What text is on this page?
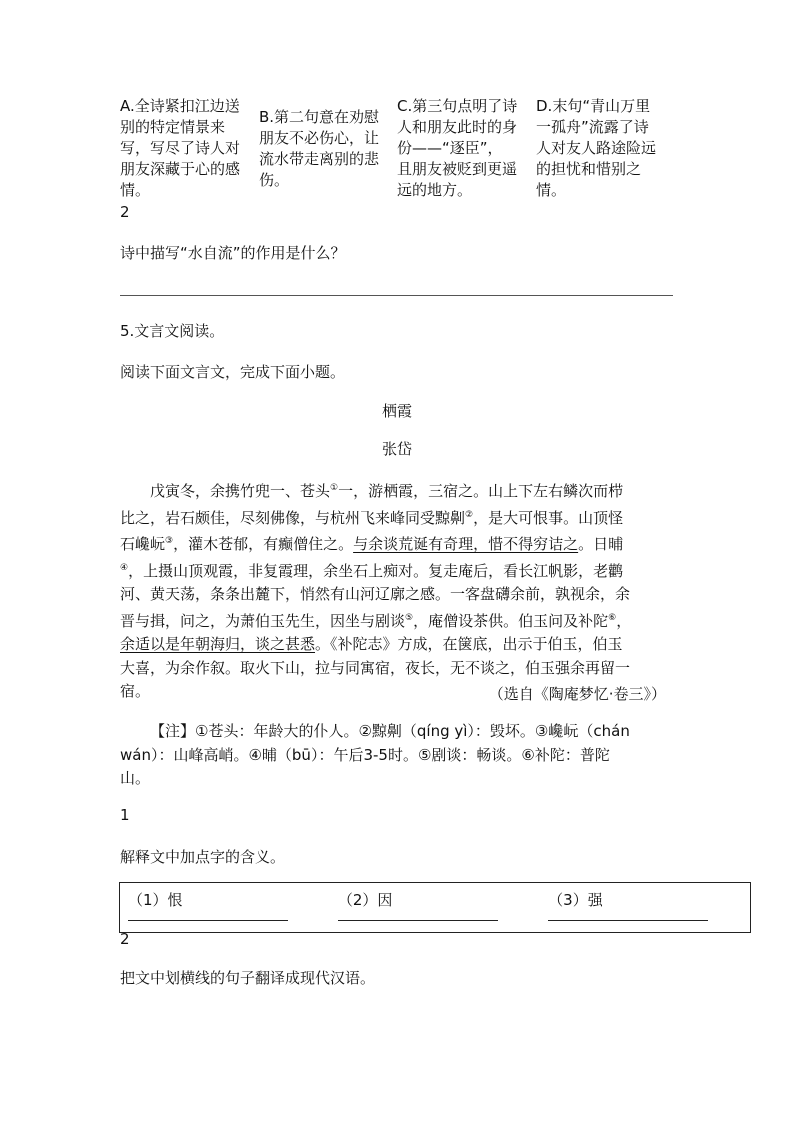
A.全诗紧扣江边送
别的特定情景来
写，写尽了诗人对
朋友深藏于心的感
情。
B.第二句意在劝慰
朋友不必伤心，让
流水带走离别的悲
伤。
C.第三句点明了诗
人和朋友此时的身
份——“逐臣”，
且朋友被贬到更遥
远的地方。
D.末句“青山万里
一孤舟”流露了诗
人对友人路途险远
的担忧和惜别之
情。
2
诗中描写“水自流”的作用是什么？
5.文言文阅读。
阅读下面文言文，完成下面小题。
栖霞
张岱
戊寅冬，余携竹兜一、苍头①一，游栖霞，三宿之。山上下左右鳞次而栉
比之，岩石颇佳，尽刻佛像，与杭州飞来峰同受黥劓②，是大可恨事。山顶怪
石巉岏③，灌木苍郁，有癫僧住之。与余谈荒诞有奇理，惜不得穷诘之。日晡
④，上摄山顶观霞，非复霞理，余坐石上痴对。复走庵后，看长江帆影，老鹳
河、黄天荡，条条出麓下，悄然有山河辽廓之感。一客盘礴余前，孰视余，余
晋与揖，问之，为萧伯玉先生，因坐与剧谈⑤，庵僧设茶供。伯玉问及补陀⑥，
余适以是年朝海归，谈之甚悉。《补陀志》方成，在箧底，出示于伯玉，伯玉
大喜，为余作叙。取火下山，拉与同寓宿，夜长，无不谈之，伯玉强余再留一
宿。	（选自《陶庵梦忆·卷三》）
【注】①苍头：年龄大的仆人。②黥劓（qíng yì）：毁坏。③巉岏（chán
wán）：山峰高峭。④晡（bū）：午后3-5时。⑤剧谈：畅谈。⑥补陀：普陀
山。
1
解释文中加点字的含义。
（1）恨	（2）因	（3）强
2
把文中划横线的句子翻译成现代汉语。
